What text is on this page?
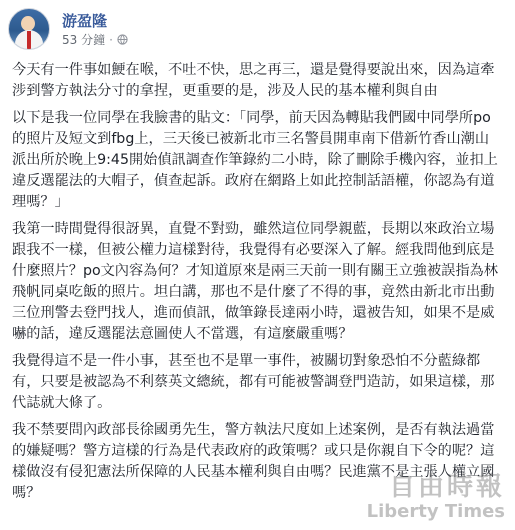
游盈隆
53 分鐘 ·

今天有一件事如鯁在喉，不吐不快，思之再三，還是覺得要說出來，因為這牽涉到警方執法分寸的拿捏，更重要的是，涉及人民的基本權利與自由

以下是我一位同學在我臉書的貼文：「同學，前天因為轉貼我們國中同學所po的照片及短文到fbg上，三天後已被新北市三名警員開車南下借新竹香山潮山派出所於晚上9:45開始偵訊調查作筆錄約二小時，除了刪除手機內容，並扣上違反選罷法的大帽子，偵查起訴。政府在網路上如此控制話語權，你認為有道理嗎？」

我第一時間覺得很訝異，直覺不對勁，雖然這位同學親藍，長期以來政治立場跟我不一樣，但被公權力這樣對待，我覺得有必要深入了解。經我問他到底是什麼照片？po文內容為何？才知道原來是兩三天前一則有關王立強被誤指為林飛帆同桌吃飯的照片。坦白講，那也不是什麼了不得的事，竟然由新北市出動三位刑警去登門找人，進而偵訊，做筆錄長達兩小時，還被告知，如果不是威嚇的話，違反選罷法意圖使人不當選，有這麼嚴重嗎？

我覺得這不是一件小事，甚至也不是單一事件，被關切對象恐怕不分藍綠都有，只要是被認為不利蔡英文總統，都有可能被警調登門造訪，如果這樣，那代誌就大條了。

我不禁要問內政部長徐國勇先生，警方執法尺度如上述案例，是否有執法過當的嫌疑嗎？警方這樣的行為是代表政府的政策嗎？或只是你親自下令的呢？這樣做沒有侵犯憲法所保障的人民基本權利與自由嗎？民進黨不是主張人權立國嗎？	自由時報
Liberty Times
